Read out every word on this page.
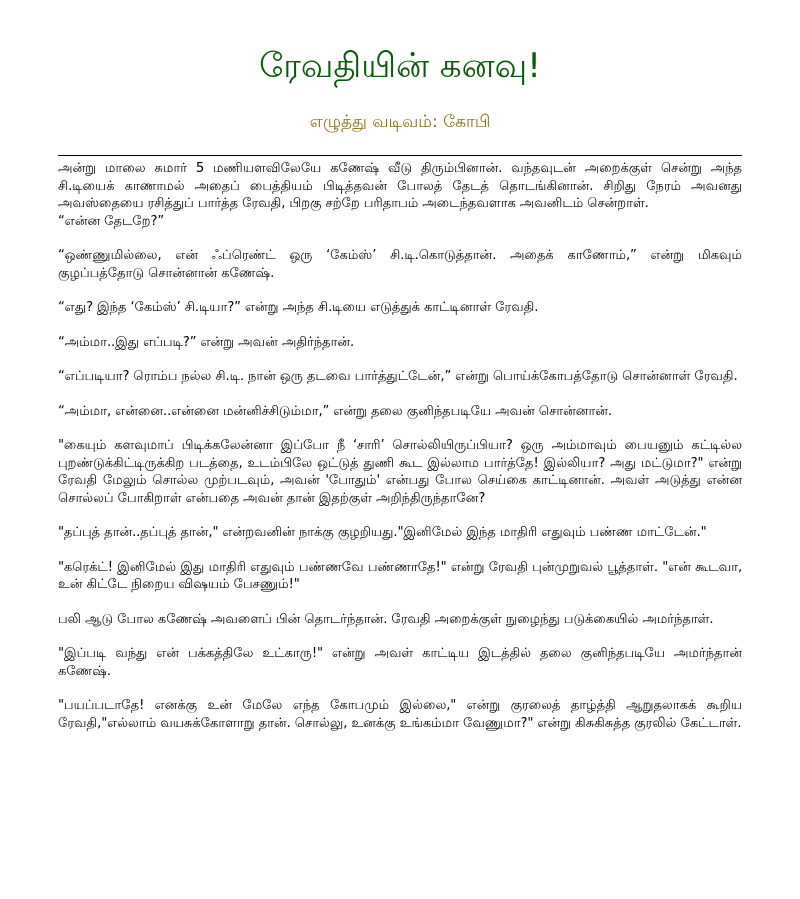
ரேவதியின் கனவு!
எழுத்து வடிவம்: கோபி

அன்று மாலை சுமார் 5 மணியளவிலேயே கணேஷ் வீடு திரும்பினான். வந்தவுடன் அறைக்குள் சென்று அந்த சி.டியைக் காணாமல் அதைப் பைத்தியம் பிடித்தவன் போலத் தேடத் தொடங்கினான். சிறிது நேரம் அவனது அவஸ்தையை ரசித்துப் பார்த்த ரேவதி, பிறகு சற்றே பரிதாபம் அடைந்தவளாக அவனிடம் சென்றாள்.

“என்ன தேடறே?”

“ஒண்ணுமில்லை, என் ஃப்ரெண்ட் ஒரு ‘கேம்ஸ்’ சி.டி.கொடுத்தான். அதைக் காணோம்,” என்று மிகவும் குழப்பத்தோடு சொன்னான் கணேஷ்.

“எது? இந்த ‘கேம்ஸ்’ சி.டியா?” என்று அந்த சி.டியை எடுத்துக் காட்டினாள் ரேவதி.

“அம்மா..இது எப்படி?” என்று அவன் அதிர்ந்தான்.

“எப்படியா? ரொம்ப நல்ல சி.டி. நான் ஒரு தடவை பார்த்துட்டேன்,” என்று பொய்க்கோபத்தோடு சொன்னாள் ரேவதி.

“அம்மா, என்னை..என்னை மன்னிச்சிடும்மா,” என்று தலை குனிந்தபடியே அவன் சொன்னான்.

"கையும் களவுமாப் பிடிக்கலேன்னா இப்போ நீ ‘சாரி’ சொல்லியிருப்பியா? ஒரு அம்மாவும் பையனும் கட்டில்ல புறண்டுக்கிட்டிருக்கிற படத்தை, உடம்பிலே ஒட்டுத் துணி கூட இல்லாம பார்த்தே! இல்லியா? அது மட்டுமா?" என்று ரேவதி மேலும் சொல்ல முற்படவும், அவன் 'போதும்' என்பது போல செய்கை காட்டினான். அவள் அடுத்து என்ன சொல்லப் போகிறாள் என்பதை அவன் தான் இதற்குள் அறிந்திருந்தானே?

"தப்புத் தான்..தப்புத் தான்," என்றவனின் நாக்கு குழறியது."இனிமேல் இந்த மாதிரி எதுவும் பண்ண மாட்டேன்."

"கரெக்ட்! இனிமேல் இது மாதிரி எதுவும் பண்ணவே பண்ணாதே!" என்று ரேவதி புன்முறுவல் பூத்தாள். "என் கூடவா, உன் கிட்டே நிறைய விஷயம் பேசணும்!"

பலி ஆடு போல கணேஷ் அவளைப் பின் தொடர்ந்தான். ரேவதி அறைக்குள் நுழைந்து படுக்கையில் அமர்ந்தாள்.

"இப்படி வந்து என் பக்கத்திலே உட்காரு!" என்று அவள் காட்டிய இடத்தில் தலை குனிந்தபடியே அமர்ந்தான் கணேஷ்.

"பயப்படாதே! எனக்கு உன் மேலே எந்த கோபமும் இல்லை," என்று குரலைத் தாழ்த்தி ஆறுதலாகக் கூறிய ரேவதி,"எல்லாம் வயசுக்கோளாறு தான். சொல்லு, உனக்கு உங்கம்மா வேணுமா?" என்று கிசுகிசுத்த குரலில் கேட்டாள்.
